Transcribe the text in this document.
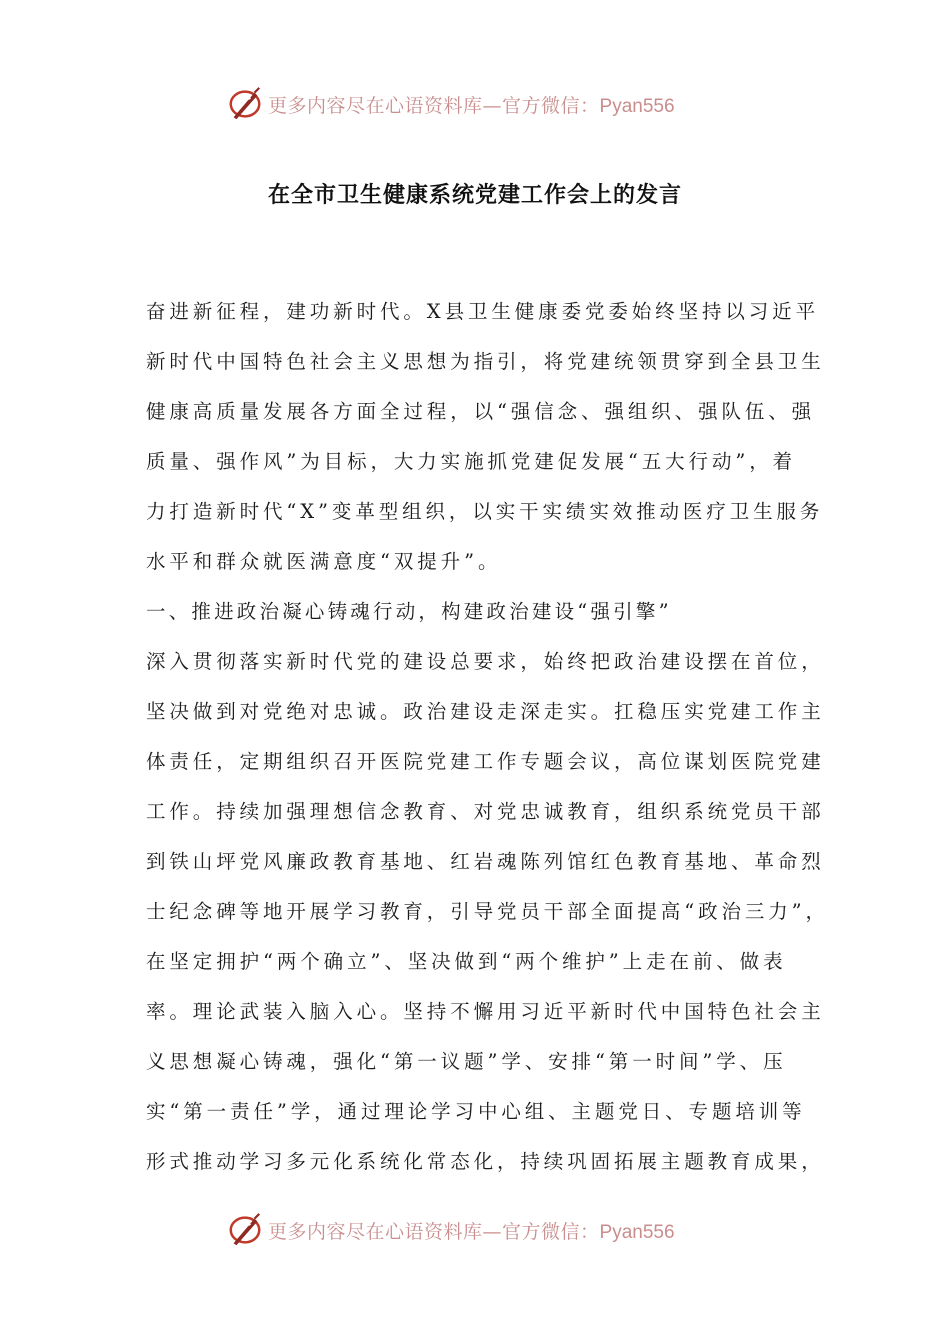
更多内容尽在心语资料库—官方微信：Pyan556
在全市卫生健康系统党建工作会上的发言
奋进新征程，建功新时代。X县卫生健康委党委始终坚持以习近平
新时代中国特色社会主义思想为指引，将党建统领贯穿到全县卫生
健康高质量发展各方面全过程，以“强信念、强组织、强队伍、强
质量、强作风”为目标，大力实施抓党建促发展“五大行动”，着
力打造新时代“X”变革型组织，以实干实绩实效推动医疗卫生服务
水平和群众就医满意度“双提升”。
一、推进政治凝心铸魂行动，构建政治建设“强引擎”
深入贯彻落实新时代党的建设总要求，始终把政治建设摆在首位，
坚决做到对党绝对忠诚。政治建设走深走实。扛稳压实党建工作主
体责任，定期组织召开医院党建工作专题会议，高位谋划医院党建
工作。持续加强理想信念教育、对党忠诚教育，组织系统党员干部
到铁山坪党风廉政教育基地、红岩魂陈列馆红色教育基地、革命烈
士纪念碑等地开展学习教育，引导党员干部全面提高“政治三力”，
在坚定拥护“两个确立”、坚决做到“两个维护”上走在前、做表
率。理论武装入脑入心。坚持不懈用习近平新时代中国特色社会主
义思想凝心铸魂，强化“第一议题”学、安排“第一时间”学、压
实“第一责任”学，通过理论学习中心组、主题党日、专题培训等
形式推动学习多元化系统化常态化，持续巩固拓展主题教育成果，
更多内容尽在心语资料库—官方微信：Pyan556
